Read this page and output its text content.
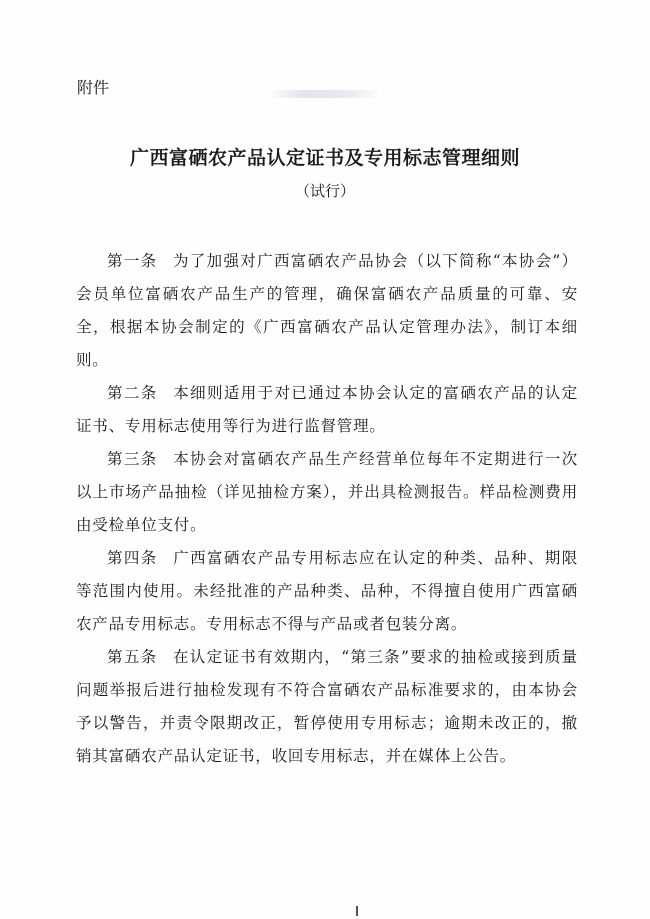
附件
广西富硒农产品认定证书及专用标志管理细则
（试行）

第一条 为了加强对广西富硒农产品协会（以下简称“本协会”）会员单位富硒农产品生产的管理，确保富硒农产品质量的可靠、安全，根据本协会制定的《广西富硒农产品认定管理办法》，制订本细则。

第二条 本细则适用于对已通过本协会认定的富硒农产品的认定证书、专用标志使用等行为进行监督管理。

第三条 本协会对富硒农产品生产经营单位每年不定期进行一次以上市场产品抽检（详见抽检方案），并出具检测报告。样品检测费用由受检单位支付。

第四条 广西富硒农产品专用标志应在认定的种类、品种、期限等范围内使用。未经批准的产品种类、品种，不得擅自使用广西富硒农产品专用标志。专用标志不得与产品或者包装分离。

第五条 在认定证书有效期内，“第三条”要求的抽检或接到质量问题举报后进行抽检发现有不符合富硒农产品标准要求的，由本协会予以警告，并责令限期改正，暂停使用专用标志；逾期未改正的，撤销其富硒农产品认定证书，收回专用标志，并在媒体上公告。
